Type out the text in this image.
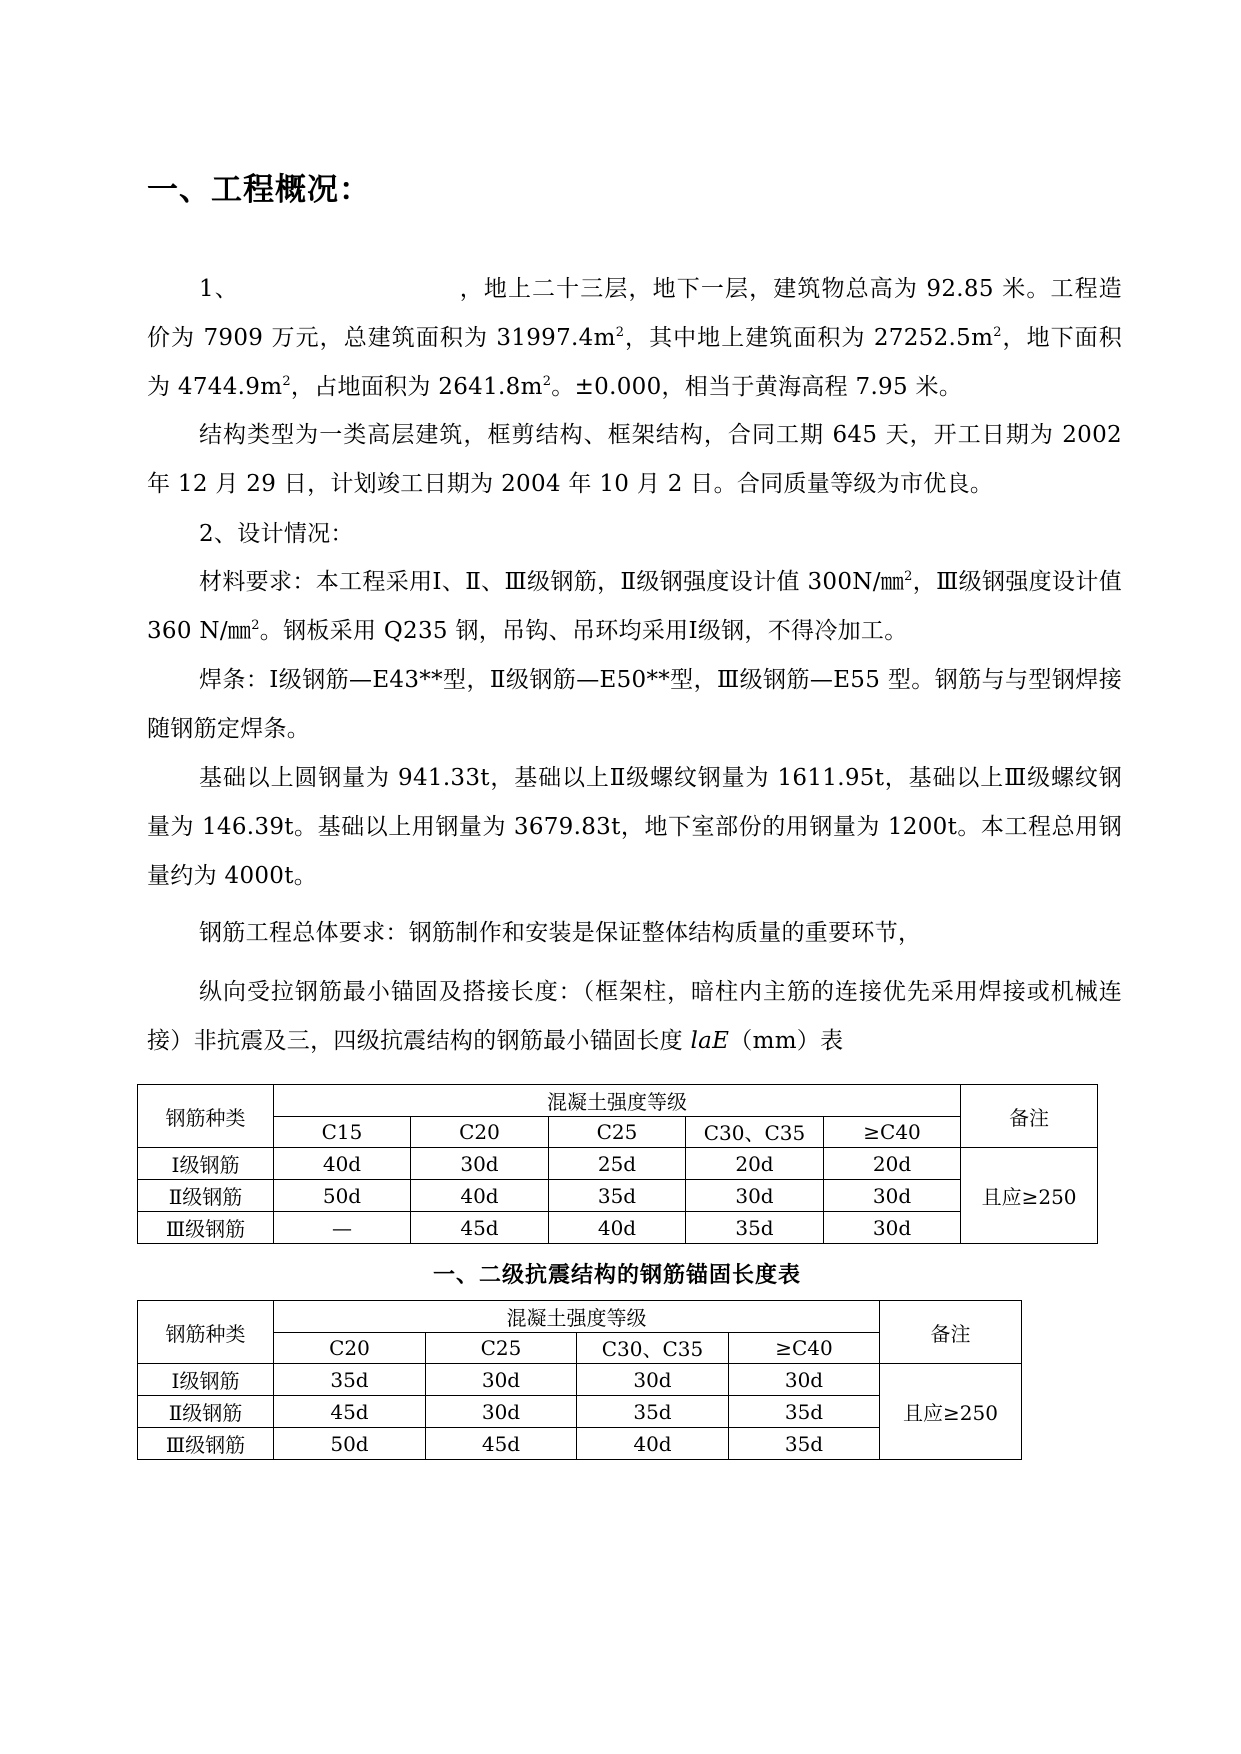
一、工程概况：
1、	，地上二十三层，地下一层，建筑物总高为 92.85 米。工程造价为 7909 万元，总建筑面积为 $31997.4m^2$，其中地上建筑面积为 $27252.5m^2$，地下面积为 $4744.9m^2$，占地面积为 $2641.8m^2$。±0.000，相当于黄海高程 7.95 米。
结构类型为一类高层建筑，框剪结构、框架结构，合同工期 645 天，开工日期为 2002 年 12 月 29 日，计划竣工日期为 2004 年 10 月 2 日。合同质量等级为市优良。
2、设计情况：
材料要求：本工程采用Ⅰ、Ⅱ、Ⅲ级钢筋，Ⅱ级钢强度设计值 300N/㎜$^2$，Ⅲ级钢强度设计值 360 N/㎜$^2$。钢板采用 Q235 钢，吊钩、吊环均采用Ⅰ级钢，不得冷加工。
焊条：Ⅰ级钢筋—E43**型，Ⅱ级钢筋—E50**型，Ⅲ级钢筋—E55 型。钢筋与与型钢焊接随钢筋定焊条。
基础以上圆钢量为 941.33t，基础以上Ⅱ级螺纹钢量为 1611.95t，基础以上Ⅲ级螺纹钢量为 146.39t。基础以上用钢量为 3679.83t，地下室部份的用钢量为 1200t。本工程总用钢量约为 4000t。
钢筋工程总体要求：钢筋制作和安装是保证整体结构质量的重要环节，
纵向受拉钢筋最小锚固及搭接长度：（框架柱，暗柱内主筋的连接优先采用焊接或机械连接）非抗震及三，四级抗震结构的钢筋最小锚固长度 laE（mm）表
钢筋种类	混凝土强度等级					备注
	C15	C20	C25	C30、C35	≥C40	
Ⅰ级钢筋	40d	30d	25d	20d	20d	且应≥250
Ⅱ级钢筋	50d	40d	35d	30d	30d	
Ⅲ级钢筋	—	45d	40d	35d	30d	
一、二级抗震结构的钢筋锚固长度表
钢筋种类	混凝土强度等级				备注
	C20	C25	C30、C35	≥C40	
Ⅰ级钢筋	35d	30d	30d	30d	且应≥250
Ⅱ级钢筋	45d	30d	35d	35d	
Ⅲ级钢筋	50d	45d	40d	35d	
